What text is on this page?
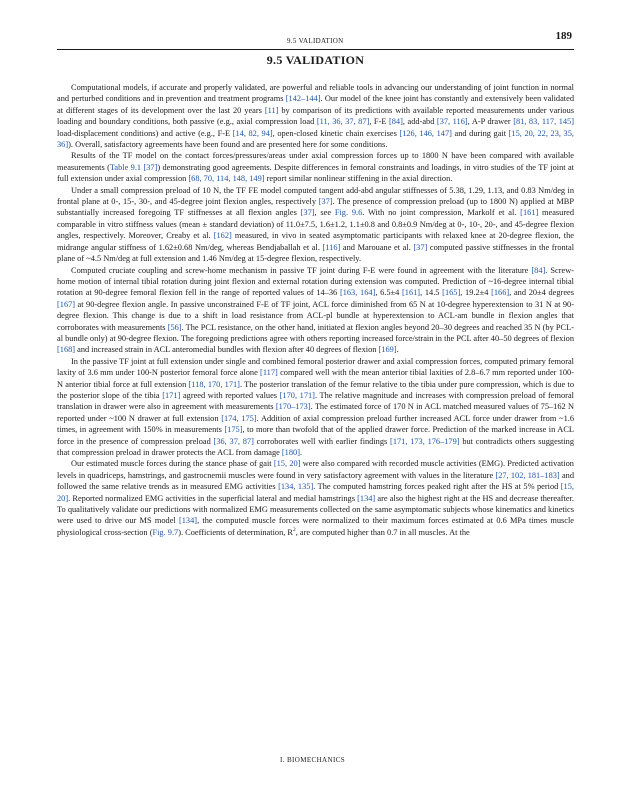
9.5 VALIDATION	189
9.5 VALIDATION

Computational models, if accurate and properly validated, are powerful and reliable tools in advancing our understanding of joint function in normal and perturbed conditions and in prevention and treatment programs [142–144]. Our model of the knee joint has constantly and extensively been validated at different stages of its development over the last 20 years [11] by comparison of its predictions with available reported measurements under various loading and boundary conditions, both passive (e.g., axial compression load [11, 36, 37, 87], F-E [84], add-abd [37, 116], A-P drawer [81, 83, 117, 145] load-displacement conditions) and active (e.g., F-E [14, 82, 94], open-closed kinetic chain exercises [126, 146, 147] and during gait [15, 20, 22, 23, 35, 36]). Overall, satisfactory agreements have been found and are presented here for some conditions.

Results of the TF model on the contact forces/pressures/areas under axial compression forces up to 1800 N have been compared with available measurements (Table 9.1 [37]) demonstrating good agreements. Despite differences in femoral constraints and loadings, in vitro studies of the TF joint at full extension under axial compression [68, 70, 114, 148, 149] report similar nonlinear stiffening in the axial direction.

Under a small compression preload of 10 N, the TF FE model computed tangent add-abd angular stiffnesses of 5.38, 1.29, 1.13, and 0.83 Nm/deg in frontal plane at 0-, 15-, 30-, and 45-degree joint flexion angles, respectively [37]. The presence of compression preload (up to 1800 N) applied at MBP substantially increased foregoing TF stiffnesses at all flexion angles [37], see Fig. 9.6. With no joint compression, Markolf et al. [161] measured comparable in vitro stiffness values (mean ± standard deviation) of 11.0±7.5, 1.6±1.2, 1.1±0.8 and 0.8±0.9 Nm/deg at 0-, 10-, 20-, and 45-degree flexion angles, respectively. Moreover, Creaby et al. [162] measured, in vivo in seated asymptomatic participants with relaxed knee at 20-degree flexion, the midrange angular stiffness of 1.62±0.68 Nm/deg, whereas Bendjaballah et al. [116] and Marouane et al. [37] computed passive stiffnesses in the frontal plane of ~4.5 Nm/deg at full extension and 1.46 Nm/deg at 15-degree flexion, respectively.

Computed cruciate coupling and screw-home mechanism in passive TF joint during F-E were found in agreement with the literature [84]. Screw-home motion of internal tibial rotation during joint flexion and external rotation during extension was computed. Prediction of ~16-degree internal tibial rotation at 90-degree femoral flexion fell in the range of reported values of 14–36 [163, 164], 6.5±4 [161], 14.5 [165], 19.2±4 [166], and 20±4 degrees [167] at 90-degree flexion angle. In passive unconstrained F-E of TF joint, ACL force diminished from 65 N at 10-degree hyperextension to 31 N at 90-degree flexion. This change is due to a shift in load resistance from ACL-pl bundle at hyperextension to ACL-am bundle in flexion angles that corroborates with measurements [56]. The PCL resistance, on the other hand, initiated at flexion angles beyond 20–30 degrees and reached 35 N (by PCL-al bundle only) at 90-degree flexion. The foregoing predictions agree with others reporting increased force/strain in the PCL after 40–50 degrees of flexion [168] and increased strain in ACL anteromedial bundles with flexion after 40 degrees of flexion [169].

In the passive TF joint at full extension under single and combined femoral posterior drawer and axial compression forces, computed primary femoral laxity of 3.6 mm under 100-N posterior femoral force alone [117] compared well with the mean anterior tibial laxities of 2.8–6.7 mm reported under 100-N anterior tibial force at full extension [118, 170, 171]. The posterior translation of the femur relative to the tibia under pure compression, which is due to the posterior slope of the tibia [171] agreed with reported values [170, 171]. The relative magnitude and increases with compression preload of femoral translation in drawer were also in agreement with measurements [170–173]. The estimated force of 170 N in ACL matched measured values of 75–162 N reported under ~100 N drawer at full extension [174, 175]. Addition of axial compression preload further increased ACL force under drawer from ~1.6 times, in agreement with 150% in measurements [175], to more than twofold that of the applied drawer force. Prediction of the marked increase in ACL force in the presence of compression preload [36, 37, 87] corroborates well with earlier findings [171, 173, 176–179] but contradicts others suggesting that compression preload in drawer protects the ACL from damage [180].

Our estimated muscle forces during the stance phase of gait [15, 20] were also compared with recorded muscle activities (EMG). Predicted activation levels in quadriceps, hamstrings, and gastrocnemii muscles were found in very satisfactory agreement with values in the literature [27, 102, 181–183] and followed the same relative trends as in measured EMG activities [134, 135]. The computed hamstring forces peaked right after the HS at 5% period [15, 20]. Reported normalized EMG activities in the superficial lateral and medial hamstrings [134] are also the highest right at the HS and decrease thereafter. To qualitatively validate our predictions with normalized EMG measurements collected on the same asymptomatic subjects whose kinematics and kinetics were used to drive our MS model [134], the computed muscle forces were normalized to their maximum forces estimated at 0.6 MPa times muscle physiological cross-section (Fig. 9.7). Coefficients of determination, $R^2$, are computed higher than 0.7 in all muscles. At the

I. BIOMECHANICS
